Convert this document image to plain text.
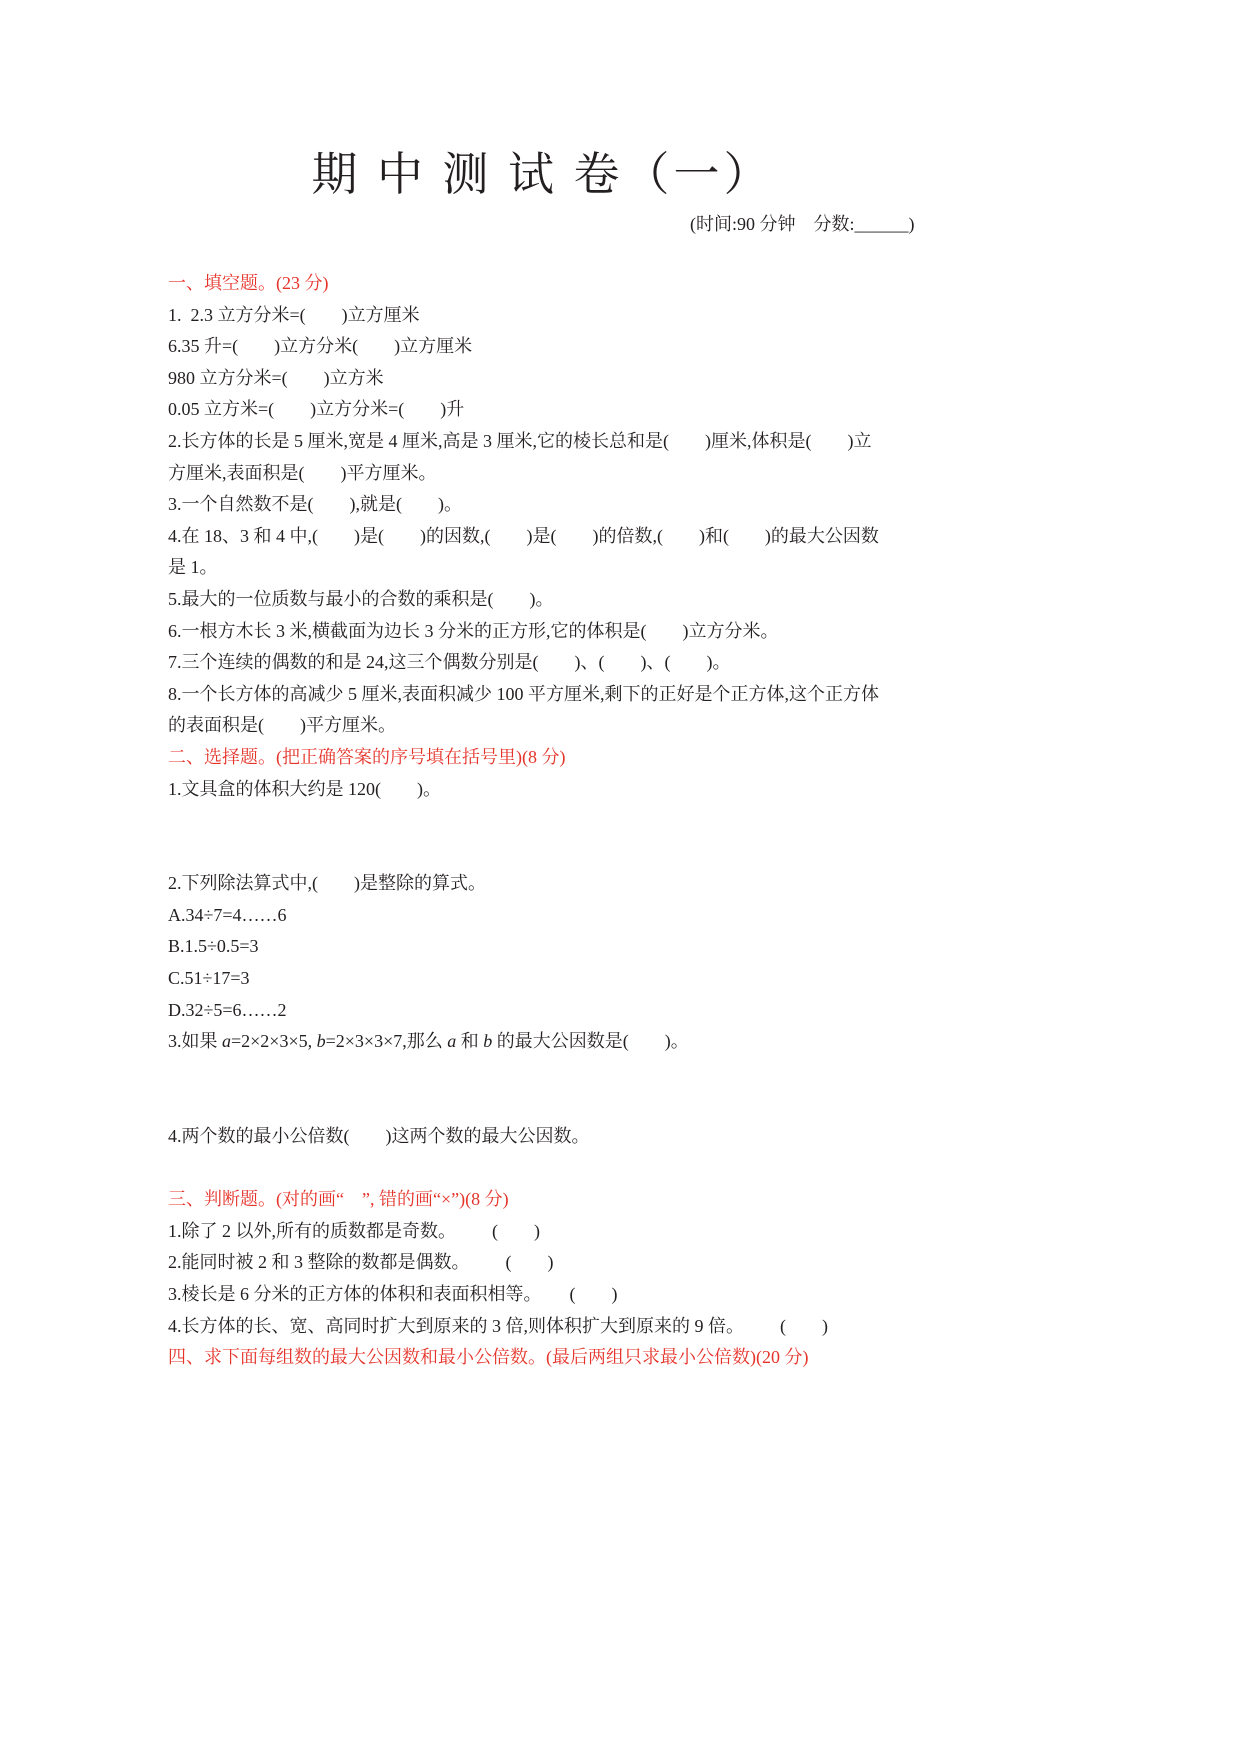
期 中 测 试 卷（一）
(时间:90 分钟    分数:______)
一、填空题。(23 分)
1.  2.3 立方分米=(        )立方厘米
6.35 升=(        )立方分米(        )立方厘米
980 立方分米=(        )立方米
0.05 立方米=(        )立方分米=(        )升
2.长方体的长是 5 厘米,宽是 4 厘米,高是 3 厘米,它的棱长总和是(        )厘米,体积是(        )立
方厘米,表面积是(        )平方厘米。
3.一个自然数不是(        ),就是(        )。
4.在 18、3 和 4 中,(        )是(        )的因数,(        )是(        )的倍数,(        )和(        )的最大公因数
是 1。
5.最大的一位质数与最小的合数的乘积是(        )。
6.一根方木长 3 米,横截面为边长 3 分米的正方形,它的体积是(        )立方分米。
7.三个连续的偶数的和是 24,这三个偶数分别是(        )、(        )、(        )。
8.一个长方体的高减少 5 厘米,表面积减少 100 平方厘米,剩下的正好是个正方体,这个正方体
的表面积是(        )平方厘米。
二、选择题。(把正确答案的序号填在括号里)(8 分)
1.文具盒的体积大约是 120(        )。

2.下列除法算式中,(        )是整除的算式。
A.34÷7=4……6
B.1.5÷0.5=3
C.51÷17=3
D.32÷5=6……2
3.如果 a=2×2×3×5, b=2×3×3×7,那么 a 和 b 的最大公因数是(        )。

4.两个数的最小公倍数(        )这两个数的最大公因数。

三、判断题。(对的画“    ”, 错的画“×”)(8 分)
1.除了 2 以外,所有的质数都是奇数。 (        )
2.能同时被 2 和 3 整除的数都是偶数。 (        )
3.棱长是 6 分米的正方体的体积和表面积相等。 (        )
4.长方体的长、宽、高同时扩大到原来的 3 倍,则体积扩大到原来的 9 倍。 (        )
四、求下面每组数的最大公因数和最小公倍数。(最后两组只求最小公倍数)(20 分)
